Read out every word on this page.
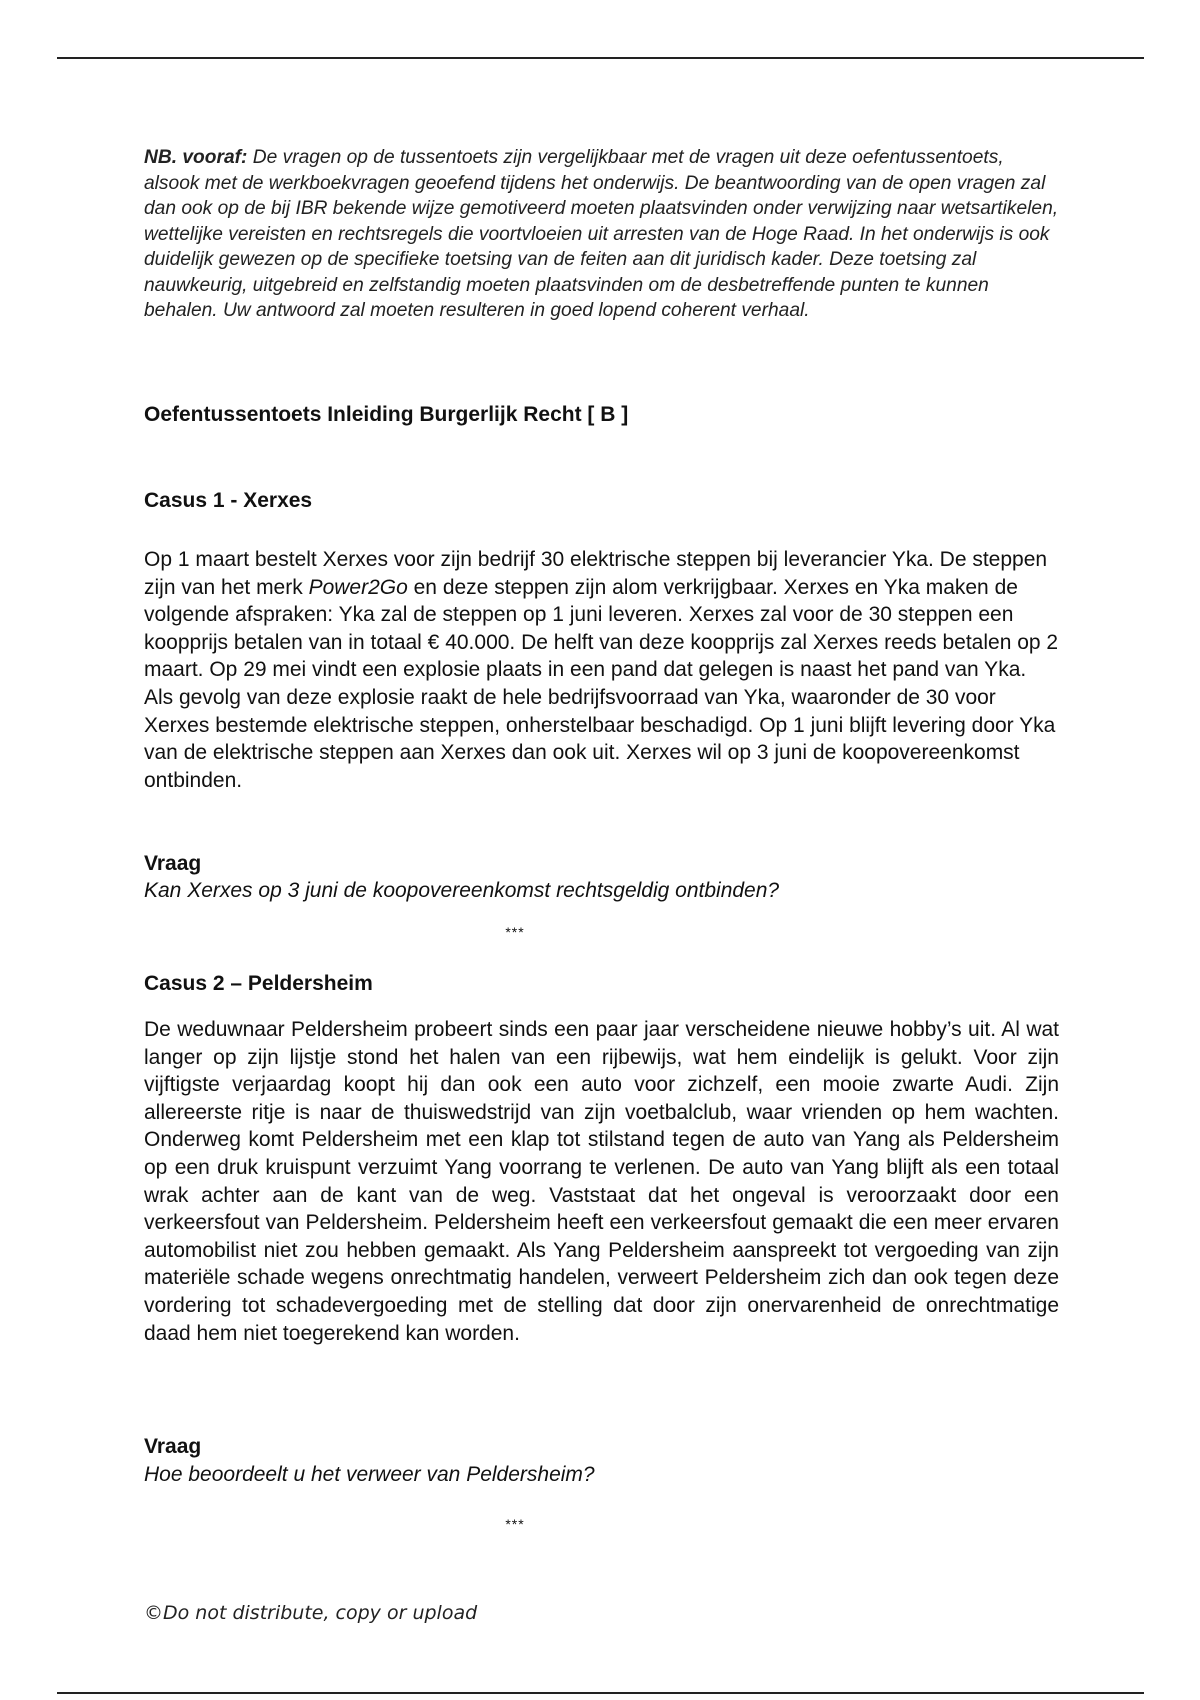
NB. vooraf: De vragen op de tussentoets zijn vergelijkbaar met de vragen uit deze oefentussentoets, alsook met de werkboekvragen geoefend tijdens het onderwijs. De beantwoording van de open vragen zal dan ook op de bij IBR bekende wijze gemotiveerd moeten plaatsvinden onder verwijzing naar wetsartikelen, wettelijke vereisten en rechtsregels die voortvloeien uit arresten van de Hoge Raad. In het onderwijs is ook duidelijk gewezen op de specifieke toetsing van de feiten aan dit juridisch kader. Deze toetsing zal nauwkeurig, uitgebreid en zelfstandig moeten plaatsvinden om de desbetreffende punten te kunnen behalen. Uw antwoord zal moeten resulteren in goed lopend coherent verhaal.
Oefentussentoets Inleiding Burgerlijk Recht [ B ]
Casus 1 - Xerxes
Op 1 maart bestelt Xerxes voor zijn bedrijf 30 elektrische steppen bij leverancier Yka. De steppen zijn van het merk Power2Go en deze steppen zijn alom verkrijgbaar. Xerxes en Yka maken de volgende afspraken: Yka zal de steppen op 1 juni leveren. Xerxes zal voor de 30 steppen een koopprijs betalen van in totaal € 40.000. De helft van deze koopprijs zal Xerxes reeds betalen op 2 maart. Op 29 mei vindt een explosie plaats in een pand dat gelegen is naast het pand van Yka. Als gevolg van deze explosie raakt de hele bedrijfsvoorraad van Yka, waaronder de 30 voor Xerxes bestemde elektrische steppen, onherstelbaar beschadigd. Op 1 juni blijft levering door Yka van de elektrische steppen aan Xerxes dan ook uit. Xerxes wil op 3 juni de koopovereenkomst ontbinden.
Vraag
Kan Xerxes op 3 juni de koopovereenkomst rechtsgeldig ontbinden?
***
Casus 2 – Peldersheim
De weduwnaar Peldersheim probeert sinds een paar jaar verscheidene nieuwe hobby’s uit. Al wat langer op zijn lijstje stond het halen van een rijbewijs, wat hem eindelijk is gelukt. Voor zijn vijftigste verjaardag koopt hij dan ook een auto voor zichzelf, een mooie zwarte Audi. Zijn allereerste ritje is naar de thuiswedstrijd van zijn voetbalclub, waar vrienden op hem wachten. Onderweg komt Peldersheim met een klap tot stilstand tegen de auto van Yang als Peldersheim op een druk kruispunt verzuimt Yang voorrang te verlenen. De auto van Yang blijft als een totaal wrak achter aan de kant van de weg. Vaststaat dat het ongeval is veroorzaakt door een verkeersfout van Peldersheim. Peldersheim heeft een verkeersfout gemaakt die een meer ervaren automobilist niet zou hebben gemaakt. Als Yang Peldersheim aanspreekt tot vergoeding van zijn materiële schade wegens onrechtmatig handelen, verweert Peldersheim zich dan ook tegen deze vordering tot schadevergoeding met de stelling dat door zijn onervarenheid de onrechtmatige daad hem niet toegerekend kan worden.
Vraag
Hoe beoordeelt u het verweer van Peldersheim?
***
©Do not distribute, copy or upload
